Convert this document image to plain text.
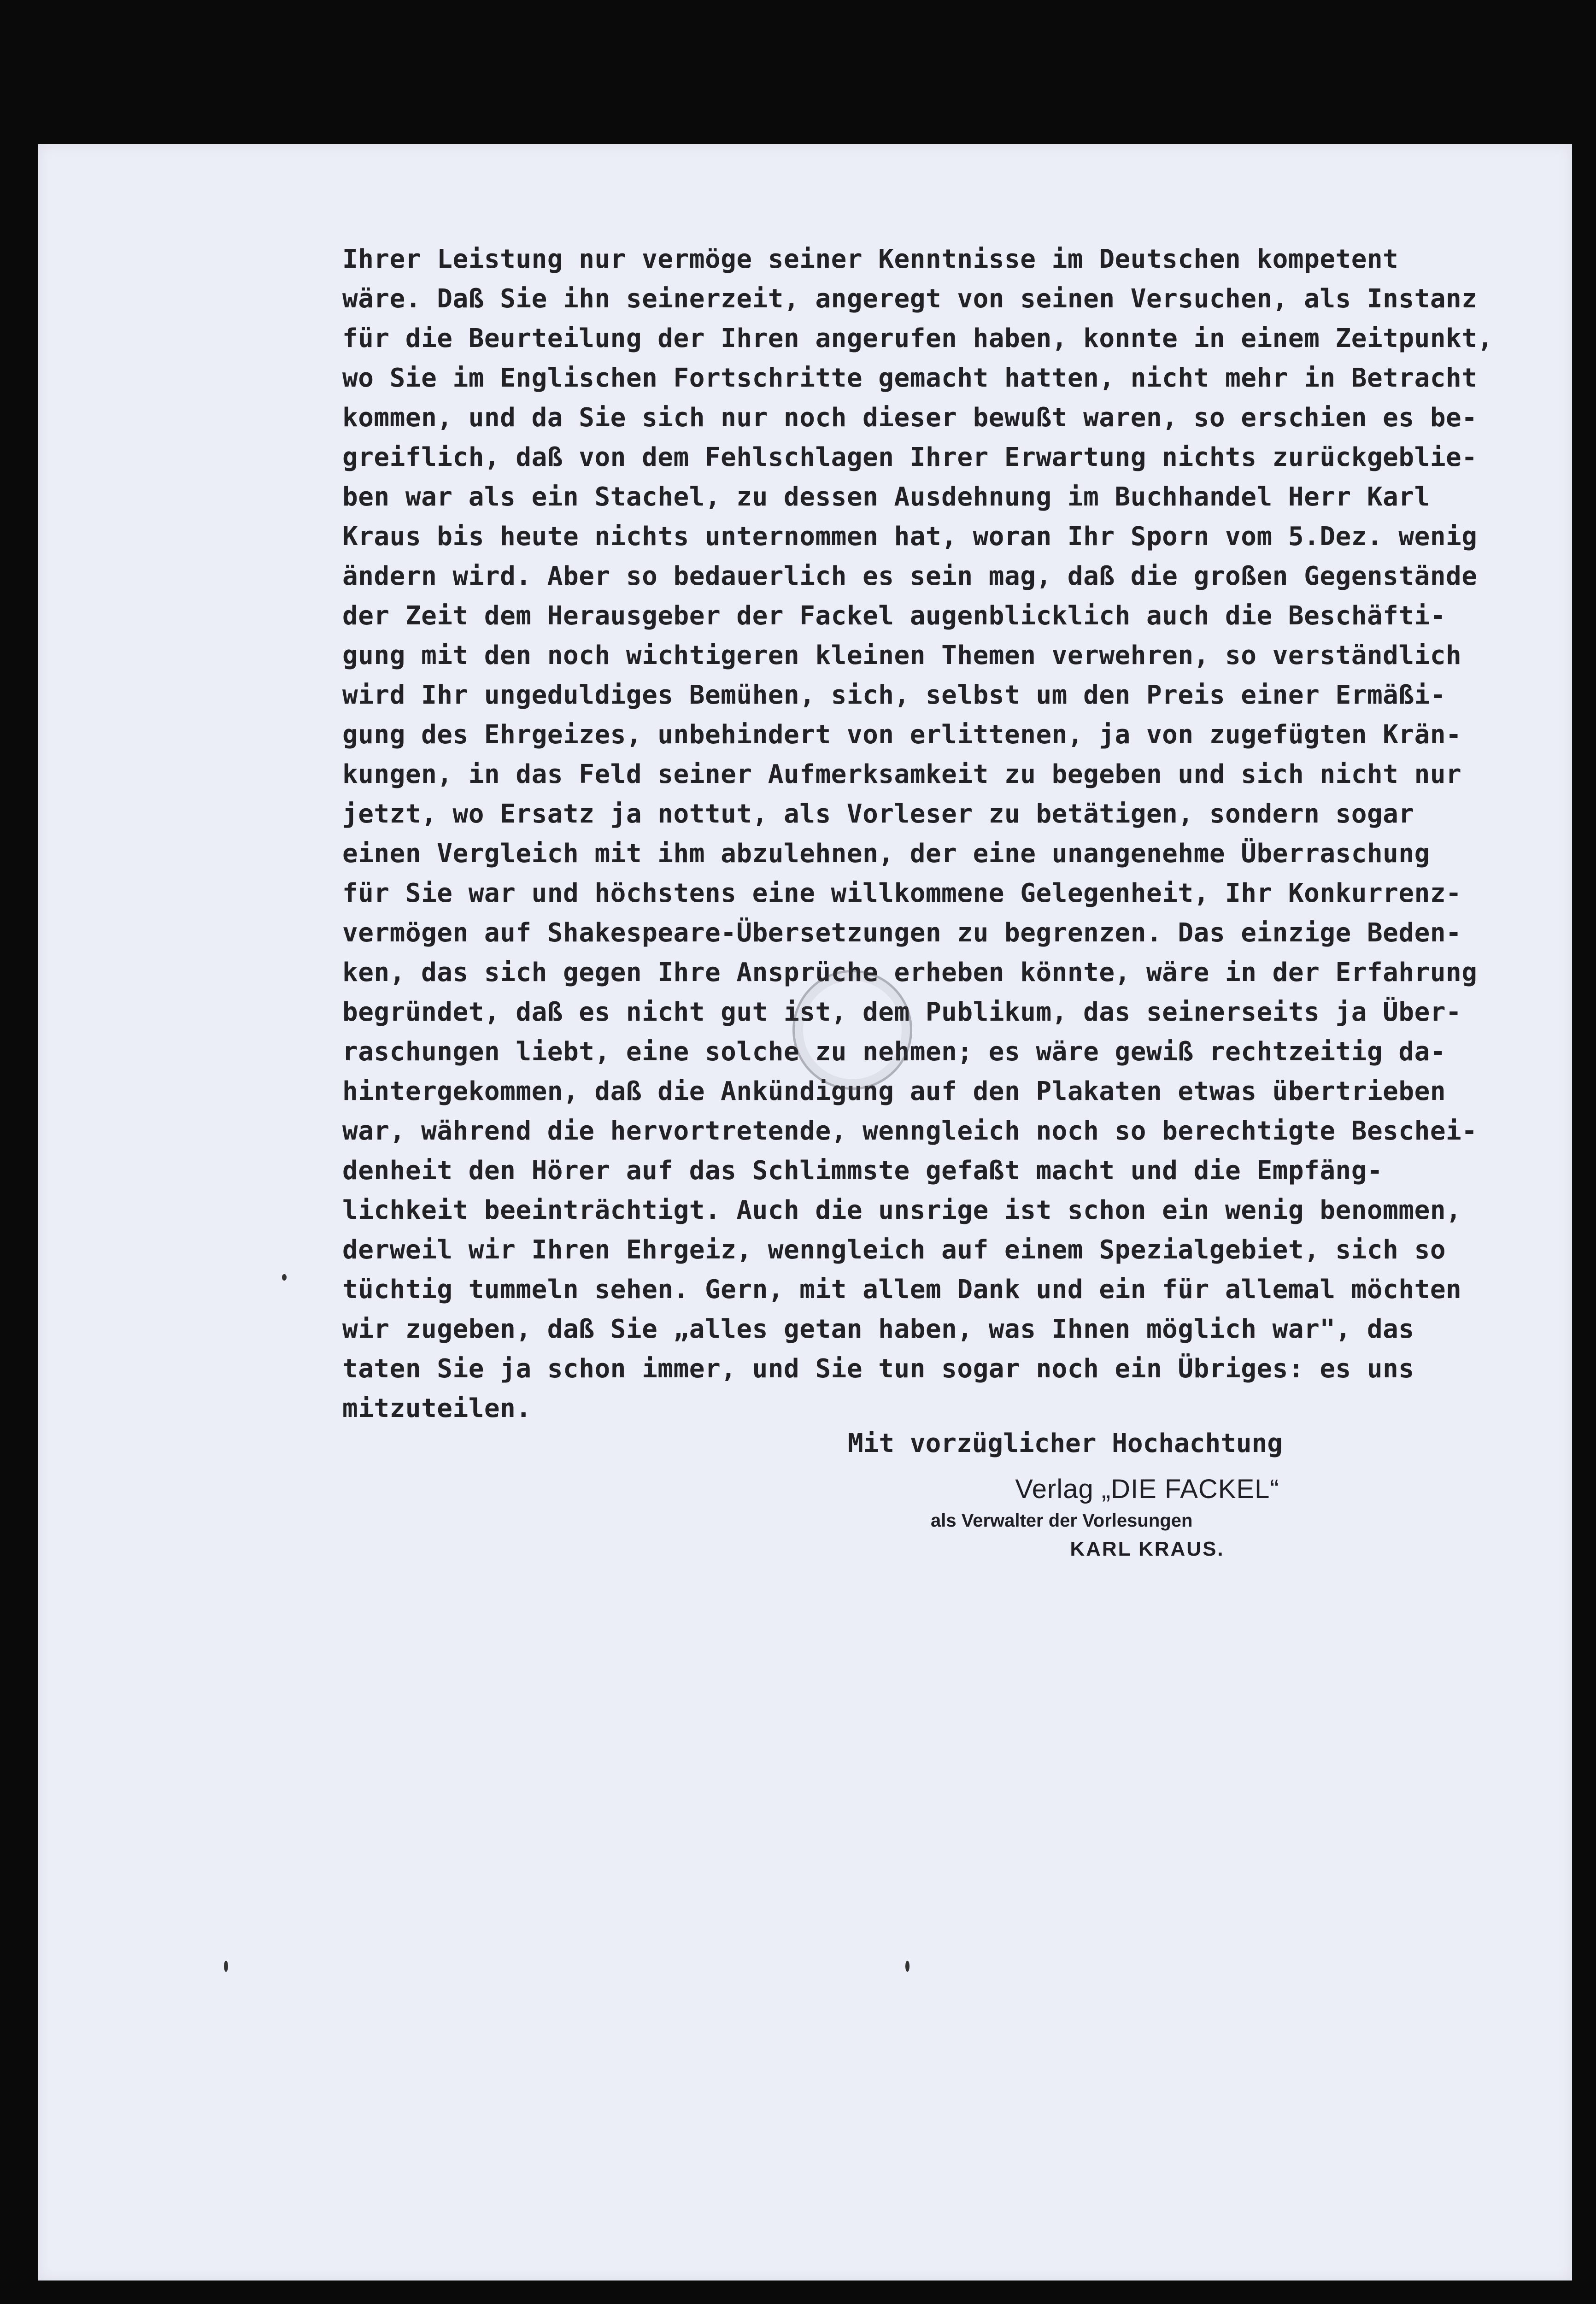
Ihrer Leistung nur vermöge seiner Kenntnisse im Deutschen kompetent
wäre. Daß Sie ihn seinerzeit, angeregt von seinen Versuchen, als Instanz
für die Beurteilung der Ihren angerufen haben, konnte in einem Zeitpunkt,
wo Sie im Englischen Fortschritte gemacht hatten, nicht mehr in Betracht
kommen, und da Sie sich nur noch dieser bewußt waren, so erschien es be-
greiflich, daß von dem Fehlschlagen Ihrer Erwartung nichts zurückgeblie-
ben war als ein Stachel, zu dessen Ausdehnung im Buchhandel Herr Karl
Kraus bis heute nichts unternommen hat, woran Ihr Sporn vom 5.Dez. wenig
ändern wird. Aber so bedauerlich es sein mag, daß die großen Gegenstände
der Zeit dem Herausgeber der Fackel augenblicklich auch die Beschäfti-
gung mit den noch wichtigeren kleinen Themen verwehren, so verständlich
wird Ihr ungeduldiges Bemühen, sich, selbst um den Preis einer Ermäßi-
gung des Ehrgeizes, unbehindert von erlittenen, ja von zugefügten Krän-
kungen, in das Feld seiner Aufmerksamkeit zu begeben und sich nicht nur
jetzt, wo Ersatz ja nottut, als Vorleser zu betätigen, sondern sogar
einen Vergleich mit ihm abzulehnen, der eine unangenehme Überraschung
für Sie war und höchstens eine willkommene Gelegenheit, Ihr Konkurrenz-
vermögen auf Shakespeare-Übersetzungen zu begrenzen. Das einzige Beden-
ken, das sich gegen Ihre Ansprüche erheben könnte, wäre in der Erfahrung
begründet, daß es nicht gut ist, dem Publikum, das seinerseits ja Über-
raschungen liebt, eine solche zu nehmen; es wäre gewiß rechtzeitig da-
hintergekommen, daß die Ankündigung auf den Plakaten etwas übertrieben
war, während die hervortretende, wenngleich noch so berechtigte Beschei-
denheit den Hörer auf das Schlimmste gefaßt macht und die Empfäng-
lichkeit beeinträchtigt. Auch die unsrige ist schon ein wenig benommen,
derweil wir Ihren Ehrgeiz, wenngleich auf einem Spezialgebiet, sich so
tüchtig tummeln sehen. Gern, mit allem Dank und ein für allemal möchten
wir zugeben, daß Sie „alles getan haben, was Ihnen möglich war", das
taten Sie ja schon immer, und Sie tun sogar noch ein Übriges: es uns
mitzuteilen.
Mit vorzüglicher Hochachtung
Verlag „DIE FACKEL“
als Verwalter der Vorlesungen
KARL KRAUS.
